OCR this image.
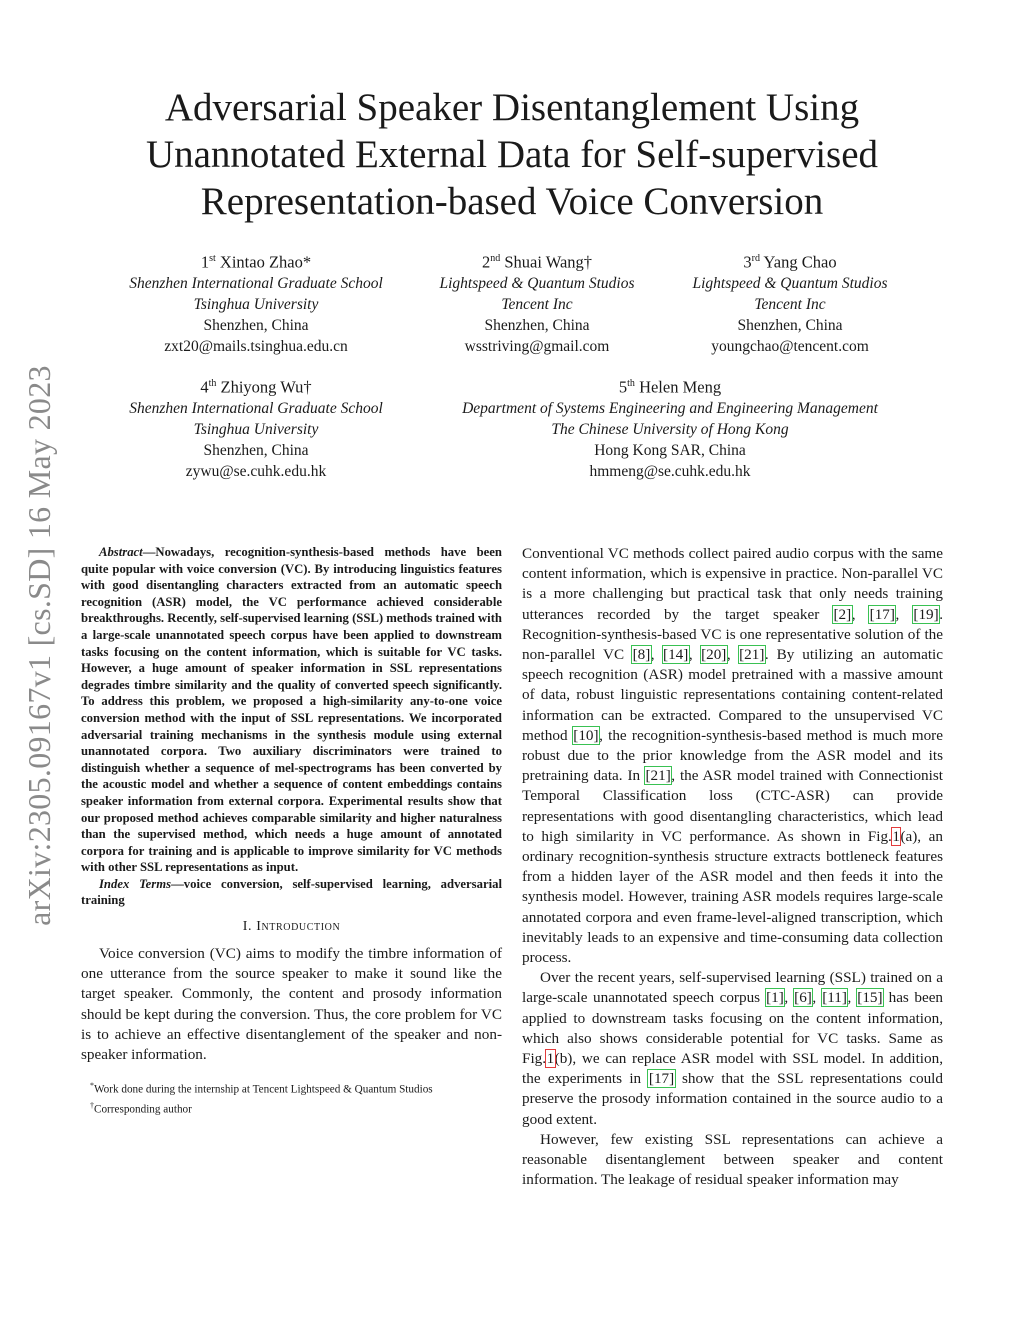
arXiv:2305.09167v1 [cs.SD] 16 May 2023
Adversarial Speaker Disentanglement Using
Unannotated External Data for Self-supervised
Representation-based Voice Conversion
1st Xintao Zhao*
Shenzhen International Graduate School
Tsinghua University
Shenzhen, China
zxt20@mails.tsinghua.edu.cn
2nd Shuai Wang†
Lightspeed & Quantum Studios
Tencent Inc
Shenzhen, China
wsstriving@gmail.com
3rd Yang Chao
Lightspeed & Quantum Studios
Tencent Inc
Shenzhen, China
youngchao@tencent.com
4th Zhiyong Wu†
Shenzhen International Graduate School
Tsinghua University
Shenzhen, China
zywu@se.cuhk.edu.hk
5th Helen Meng
Department of Systems Engineering and Engineering Management
The Chinese University of Hong Kong
Hong Kong SAR, China
hmmeng@se.cuhk.edu.hk

Abstract—Nowadays, recognition-synthesis-based methods have been quite popular with voice conversion (VC). By introducing linguistics features with good disentangling characters extracted from an automatic speech recognition (ASR) model, the VC performance achieved considerable breakthroughs. Recently, self-supervised learning (SSL) methods trained with a large-scale unannotated speech corpus have been applied to downstream tasks focusing on the content information, which is suitable for VC tasks. However, a huge amount of speaker information in SSL representations degrades timbre similarity and the quality of converted speech significantly. To address this problem, we proposed a high-similarity any-to-one voice conversion method with the input of SSL representations. We incorporated adversarial training mechanisms in the synthesis module using external unannotated corpora. Two auxiliary discriminators were trained to distinguish whether a sequence of mel-spectrograms has been converted by the acoustic model and whether a sequence of content embeddings contains speaker information from external corpora. Experimental results show that our proposed method achieves comparable similarity and higher naturalness than the supervised method, which needs a huge amount of annotated corpora for training and is applicable to improve similarity for VC methods with other SSL representations as input.

Index Terms—voice conversion, self-supervised learning, adversarial training

I. Introduction

Voice conversion (VC) aims to modify the timbre information of one utterance from the source speaker to make it sound like the target speaker. Commonly, the content and prosody information should be kept during the conversion. Thus, the core problem for VC is to achieve an effective disentanglement of the speaker and non-speaker information.

*Work done during the internship at Tencent Lightspeed & Quantum Studios

†Corresponding author

Conventional VC methods collect paired audio corpus with the same content information, which is expensive in practice. Non-parallel VC is a more challenging but practical task that only needs training utterances recorded by the target speaker [2], [17], [19]. Recognition-synthesis-based VC is one representative solution of the non-parallel VC [8], [14], [20], [21]. By utilizing an automatic speech recognition (ASR) model pretrained with a massive amount of data, robust linguistic representations containing content-related information can be extracted. Compared to the unsupervised VC method [10], the recognition-synthesis-based method is much more robust due to the prior knowledge from the ASR model and its pretraining data. In [21], the ASR model trained with Connectionist Temporal Classification loss (CTC-ASR) can provide representations with good disentangling characteristics, which lead to high similarity in VC performance. As shown in Fig.1(a), an ordinary recognition-synthesis structure extracts bottleneck features from a hidden layer of the ASR model and then feeds it into the synthesis model. However, training ASR models requires large-scale annotated corpora and even frame-level-aligned transcription, which inevitably leads to an expensive and time-consuming data collection process.

Over the recent years, self-supervised learning (SSL) trained on a large-scale unannotated speech corpus [1], [6], [11], [15] has been applied to downstream tasks focusing on the content information, which also shows considerable potential for VC tasks. Same as Fig.1(b), we can replace ASR model with SSL model. In addition, the experiments in [17] show that the SSL representations could preserve the prosody information contained in the source audio to a good extent.

However, few existing SSL representations can achieve a reasonable disentanglement between speaker and content information. The leakage of residual speaker information may
